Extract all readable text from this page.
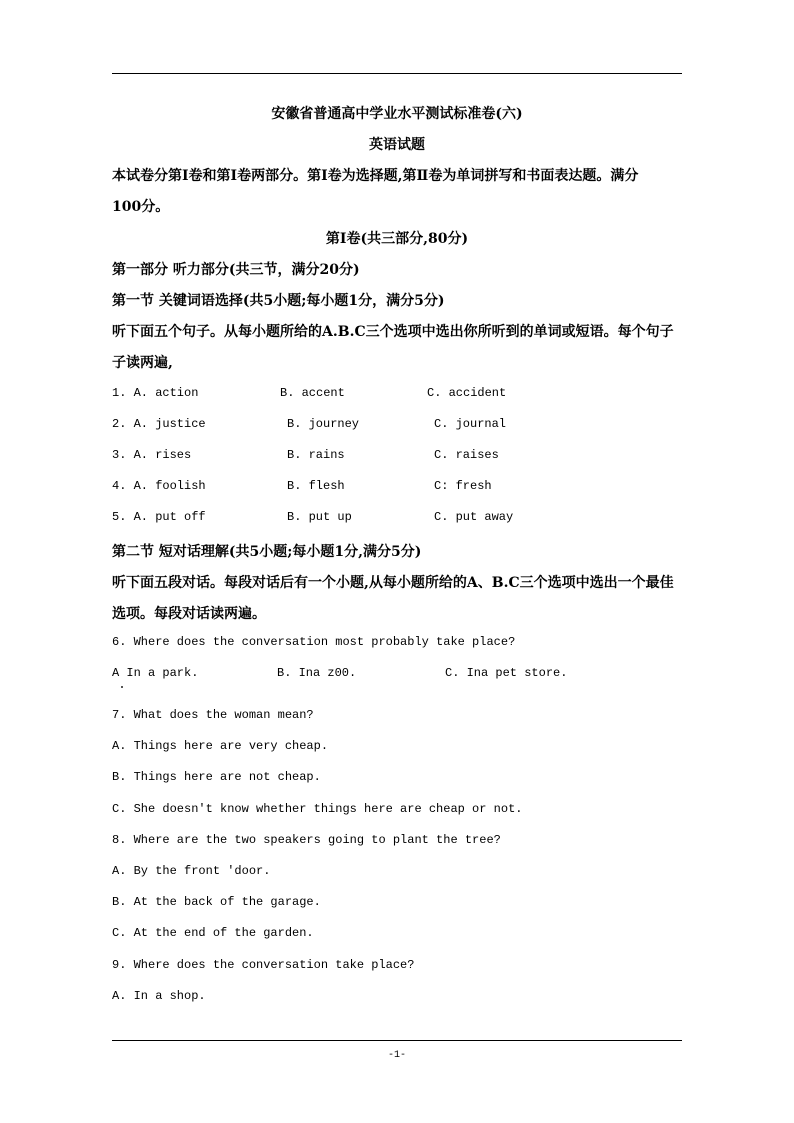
安徽省普通高中学业水平测试标准卷(六)
英语试题
本试卷分第Ⅰ卷和第Ⅰ卷两部分。第Ⅰ卷为选择题,第Ⅱ卷为单词拼写和书面表达题。满分
100分。
第Ⅰ卷(共三部分,80分)
第一部分 听力部分(共三节，满分20分)
第一节 关键词语选择(共5小题;每小题1分，满分5分)
听下面五个句子。从每小题所给的A.B.C三个选项中选出你所听到的单词或短语。每个句子
子读两遍,
1. A. action	B. accent	C. accident
2. A. justice	B. journey	C. journal
3. A. rises	B. rains	C. raises
4. A. foolish	B. flesh	C: fresh
5. A. put off	B. put up	C. put away
第二节 短对话理解(共5小题;每小题1分,满分5分)
听下面五段对话。每段对话后有一个小题,从每小题所给的A、B.C三个选项中选出一个最佳
选项。每段对话读两遍。
6. Where does the conversation most probably take place?
A In a park.	B. Ina z00.	C. Ina pet store.
7. What does the woman mean?
A. Things here are very cheap.
B. Things here are not cheap.
C. She doesn't know whether things here are cheap or not.
8. Where are the two speakers going to plant the tree?
A. By the front 'door.
B. At the back of the garage.
C. At the end of the garden.
9. Where does the conversation take place?
A. In a shop.
-1-
